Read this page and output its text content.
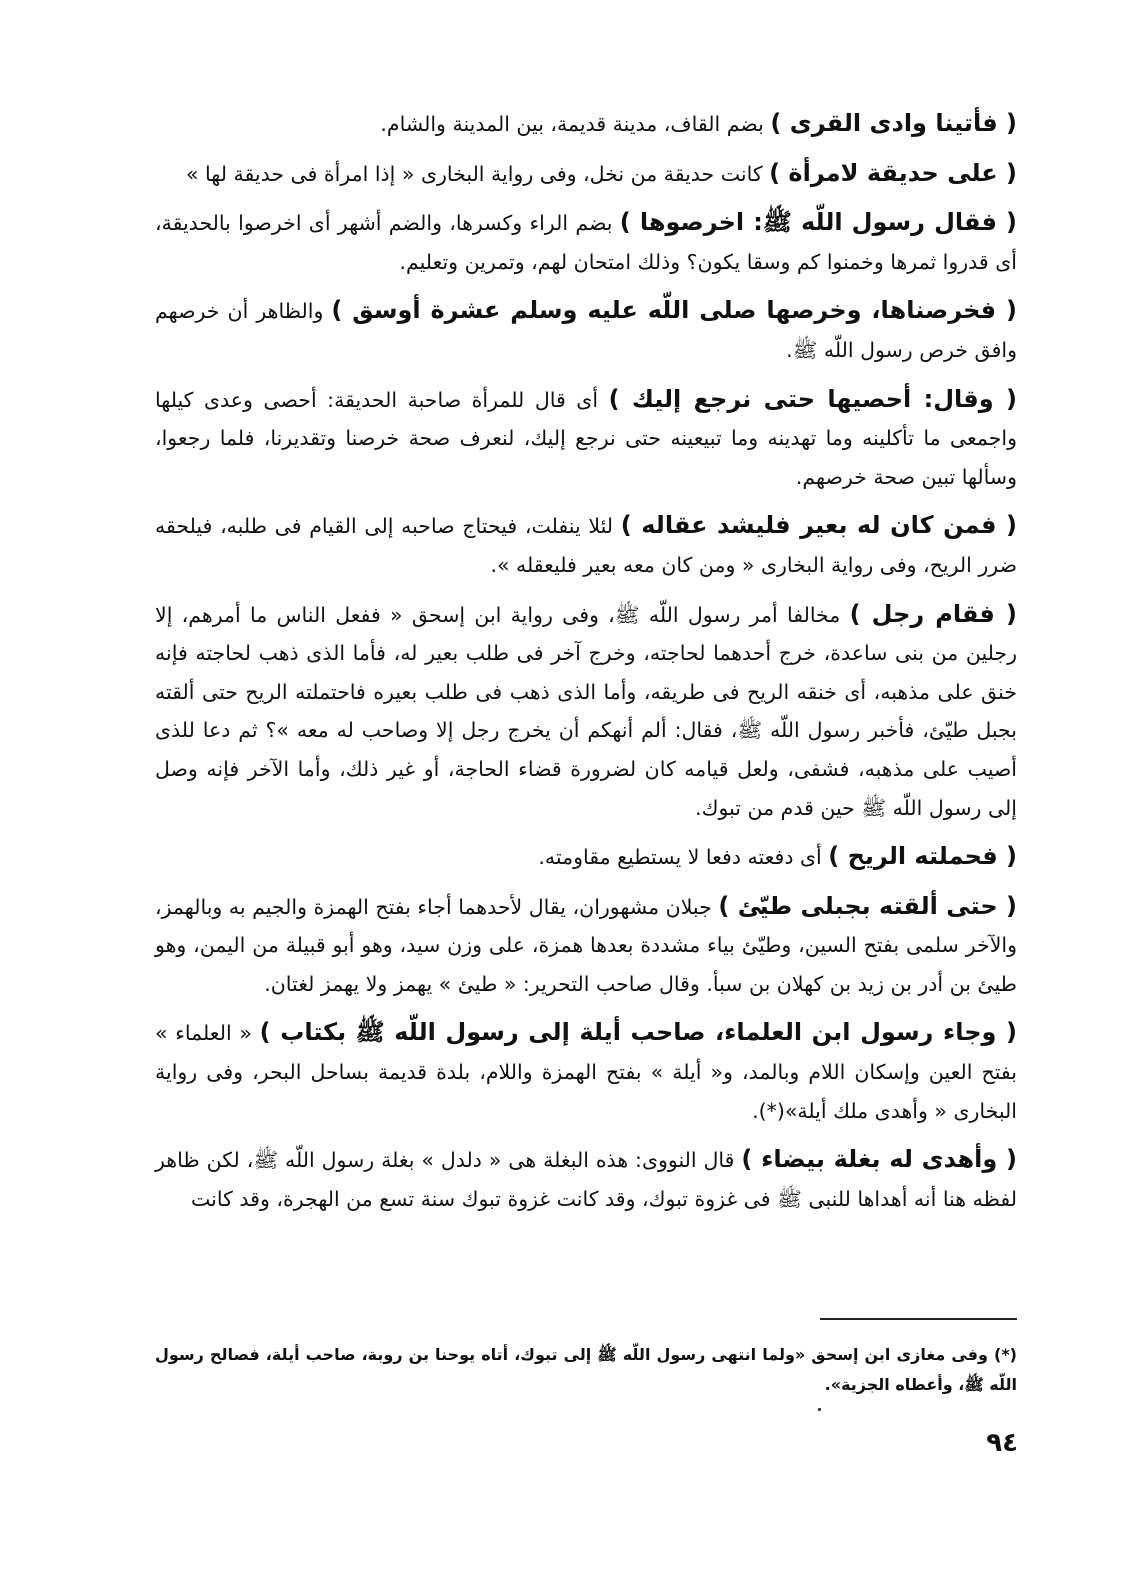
( فأتينا وادى القرى ) بضم القاف، مدينة قديمة، بين المدينة والشام.

( على حديقة لامرأة ) كانت حديقة من نخل، وفى رواية البخارى « إذا امرأة فى حديقة لها »

( فقال رسول اللّه ﷺ: اخرصوها ) بضم الراء وكسرها، والضم أشهر أى اخرصوا بالحديقة، أى قدروا ثمرها وخمنوا كم وسقا يكون؟ وذلك امتحان لهم، وتمرين وتعليم.

( فخرصناها، وخرصها صلى اللّه عليه وسلم عشرة أوسق ) والظاهر أن خرصهم وافق خرص رسول اللّه ﷺ.

( وقال: أحصيها حتى نرجع إليك ) أى قال للمرأة صاحبة الحديقة: أحصى وعدى كيلها واجمعى ما تأكلينه وما تهدينه وما تبيعينه حتى نرجع إليك، لنعرف صحة خرصنا وتقديرنا، فلما رجعوا، وسألها تبين صحة خرصهم.

( فمن كان له بعير فليشد عقاله ) لئلا ينفلت، فيحتاج صاحبه إلى القيام فى طلبه، فيلحقه ضرر الريح، وفى رواية البخارى « ومن كان معه بعير فليعقله ».

( فقام رجل ) مخالفا أمر رسول اللّه ﷺ، وفى رواية ابن إسحق « ففعل الناس ما أمرهم، إلا رجلين من بنى ساعدة، خرج أحدهما لحاجته، وخرج آخر فى طلب بعير له، فأما الذى ذهب لحاجته فإنه خنق على مذهبه، أى خنقه الريح فى طريقه، وأما الذى ذهب فى طلب بعيره فاحتملته الريح حتى ألقته بجبل طيّئ، فأخبر رسول اللّه ﷺ، فقال: ألم أنهكم أن يخرج رجل إلا وصاحب له معه »؟ ثم دعا للذى أصيب على مذهبه، فشفى، ولعل قيامه كان لضرورة قضاء الحاجة، أو غير ذلك، وأما الآخر فإنه وصل إلى رسول اللّه ﷺ حين قدم من تبوك.

( فحملته الريح ) أى دفعته دفعا لا يستطيع مقاومته.

( حتى ألقته بجبلى طيّئ ) جبلان مشهوران، يقال لأحدهما أجاء بفتح الهمزة والجيم به وبالهمز، والآخر سلمى بفتح السين، وطيّئ بياء مشددة بعدها همزة، على وزن سيد، وهو أبو قبيلة من اليمن، وهو طيئ بن أدر بن زيد بن كهلان بن سبأ. وقال صاحب التحرير: « طيئ » يهمز ولا يهمز لغتان.

( وجاء رسول ابن العلماء، صاحب أيلة إلى رسول اللّه ﷺ بكتاب ) « العلماء » بفتح العين وإسكان اللام وبالمد، و« أيلة » بفتح الهمزة واللام، بلدة قديمة بساحل البحر، وفى رواية البخارى « وأهدى ملك أيلة»(*).

( وأهدى له بغلة بيضاء ) قال النووى: هذه البغلة هى « دلدل » بغلة رسول اللّه ﷺ، لكن ظاهر لفظه هنا أنه أهداها للنبى ﷺ فى غزوة تبوك، وقد كانت غزوة تبوك سنة تسع من الهجرة، وقد كانت

(*) وفى مغازى ابن إسحق «ولما انتهى رسول اللّه ﷺ إلى تبوك، أتاه يوحنا بن روبة، صاحب أيلة، فصالح رسول اللّه ﷺ، وأعطاه الجزية».
٩٤
